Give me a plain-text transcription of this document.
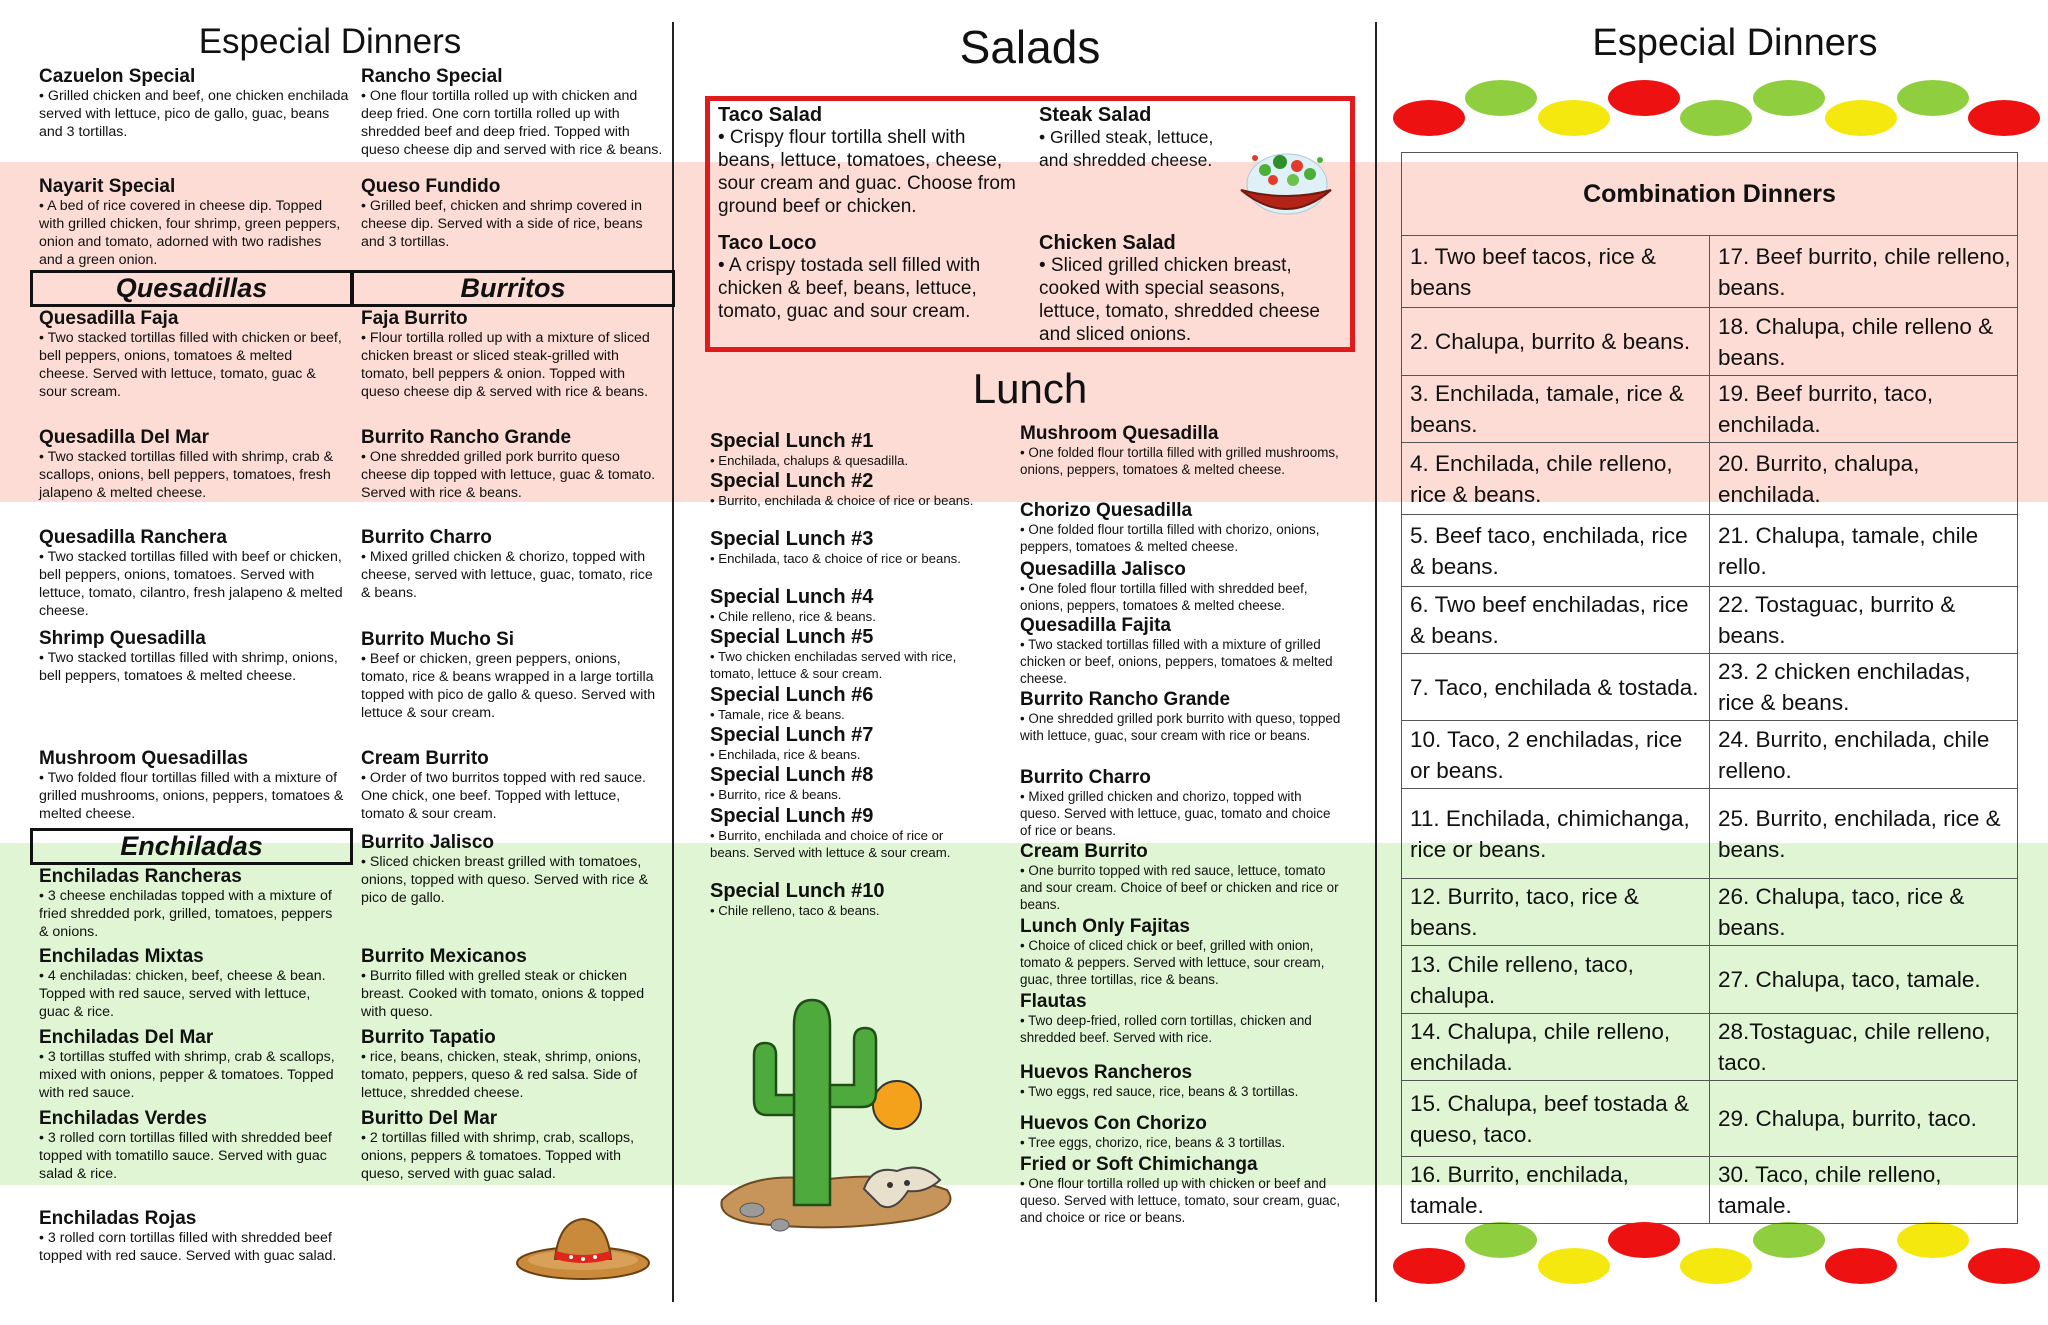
Especial Dinners
Cazuelon Special
• Grilled chicken and beef, one chicken enchilada served with lettuce, pico de gallo, guac, beans and 3 tortillas.
Rancho Special
• One flour tortilla rolled up with chicken and deep fried. One corn tortilla rolled up with shredded beef and deep fried. Topped with queso cheese dip and served with rice & beans.
Nayarit Special
• A bed of rice covered in cheese dip. Topped with grilled chicken, four shrimp, green peppers, onion and tomato, adorned with two radishes and a green onion.
Queso Fundido
• Grilled beef, chicken and shrimp covered in cheese dip. Served with a side of rice, beans and 3 tortillas.
Quesadillas	Burritos
Quesadilla Faja
• Two stacked tortillas filled with chicken or beef, bell peppers, onions, tomatoes & melted cheese. Served with lettuce, tomato, guac & sour scream.
Quesadilla Del Mar
• Two stacked tortillas filled with shrimp, crab & scallops, onions, bell peppers, tomatoes, fresh jalapeno & melted cheese.
Quesadilla Ranchera
• Two stacked tortillas filled with beef or chicken, bell peppers, onions, tomatoes. Served with lettuce, tomato, cilantro, fresh jalapeno & melted cheese.
Shrimp Quesadilla
• Two stacked tortillas filled with shrimp, onions, bell peppers, tomatoes & melted cheese.
Mushroom Quesadillas
• Two folded flour tortillas filled with a mixture of grilled mushrooms, onions, peppers, tomatoes & melted cheese.
Enchiladas
Enchiladas Rancheras
• 3 cheese enchiladas topped with a mixture of fried shredded pork, grilled, tomatoes, peppers & onions.
Enchiladas Mixtas
• 4 enchiladas: chicken, beef, cheese & bean. Topped with red sauce, served with lettuce, guac & rice.
Enchiladas Del Mar
• 3 tortillas stuffed with shrimp, crab & scallops, mixed with onions, pepper & tomatoes. Topped with red sauce.
Enchiladas Verdes
• 3 rolled corn tortillas filled with shredded beef topped with tomatillo sauce. Served with guac salad & rice.
Enchiladas Rojas
• 3 rolled corn tortillas filled with shredded beef topped with red sauce. Served with guac salad.
Faja Burrito
• Flour tortilla rolled up with a mixture of sliced chicken breast or sliced steak-grilled with tomato, bell peppers & onion. Topped with queso cheese dip & served with rice & beans.
Burrito Rancho Grande
• One shredded grilled pork burrito queso cheese dip topped with lettuce, guac & tomato. Served with rice & beans.
Burrito Charro
• Mixed grilled chicken & chorizo, topped with cheese, served with lettuce, guac, tomato, rice & beans.
Burrito Mucho Si
• Beef or chicken, green peppers, onions, tomato, rice & beans wrapped in a large tortilla topped with pico de gallo & queso. Served with lettuce & sour cream.
Cream Burrito
• Order of two burritos topped with red sauce. One chick, one beef. Topped with lettuce, tomato & sour cream.
Burrito Jalisco
• Sliced chicken breast grilled with tomatoes, onions, topped with queso. Served with rice & pico de gallo.
Burrito Mexicanos
• Burrito filled with grelled steak or chicken breast. Cooked with tomato, onions & topped with queso.
Burrito Tapatio
• rice, beans, chicken, steak, shrimp, onions, tomato, peppers, queso & red salsa. Side of lettuce, shredded cheese.
Buritto Del Mar
• 2 tortillas filled with shrimp, crab, scallops, onions, peppers & tomatoes. Topped with queso, served with guac salad.
Salads
Taco Salad
• Crispy flour tortilla shell with beans, lettuce, tomatoes, cheese, sour cream and guac. Choose from ground beef or chicken.
Steak Salad
• Grilled steak, lettuce, and shredded cheese.
Taco Loco
• A crispy tostada sell filled with chicken & beef, beans, lettuce, tomato, guac and sour cream.
Chicken Salad
• Sliced grilled chicken breast, cooked with special seasons, lettuce, tomato, shredded cheese and sliced onions.
Lunch
Special Lunch #1
• Enchilada, chalups & quesadilla.
Special Lunch #2
• Burrito, enchilada & choice of rice or beans.
Special Lunch #3
• Enchilada, taco & choice of rice or beans.
Special Lunch #4
• Chile relleno, rice & beans.
Special Lunch #5
• Two chicken enchiladas served with rice, tomato, lettuce & sour cream.
Special Lunch #6
• Tamale, rice & beans.
Special Lunch #7
• Enchilada, rice & beans.
Special Lunch #8
• Burrito, rice & beans.
Special Lunch #9
• Burrito, enchilada and choice of rice or beans. Served with lettuce & sour cream.
Special Lunch #10
• Chile relleno, taco & beans.
Mushroom Quesadilla
• One folded flour tortilla filled with grilled mushrooms, onions, peppers, tomatoes & melted cheese.
Chorizo Quesadilla
• One folded flour tortilla filled with chorizo, onions, peppers, tomatoes & melted cheese.
Quesadilla Jalisco
• One foled flour tortilla filled with shredded beef, onions, peppers, tomatoes & melted cheese.
Quesadilla Fajita
• Two stacked tortillas filled with a mixture of grilled chicken or beef, onions, peppers, tomatoes & melted cheese.
Burrito Rancho Grande
• One shredded grilled pork burrito with queso, topped with lettuce, guac, sour cream with rice or beans.
Burrito Charro
• Mixed grilled chicken and chorizo, topped with queso. Served with lettuce, guac, tomato and choice of rice or beans.
Cream Burrito
• One burrito topped with red sauce, lettuce, tomato and sour cream. Choice of beef or chicken and rice or beans.
Lunch Only Fajitas
• Choice of cliced chick or beef, grilled with onion, tomato & peppers. Served with lettuce, sour cream, guac, three tortillas, rice & beans.
Flautas
• Two deep-fried, rolled corn tortillas, chicken and shredded beef. Served with rice.
Huevos Rancheros
• Two eggs, red sauce, rice, beans & 3 tortillas.
Huevos Con Chorizo
• Tree eggs, chorizo, rice, beans & 3 tortillas.
Fried or Soft Chimichanga
• One flour tortilla rolled up with chicken or beef and queso. Served with lettuce, tomato, sour cream, guac, and choice or rice or beans.
Especial Dinners
Combination Dinners	
1. Two beef tacos, rice & beans	17. Beef burrito, chile relleno, beans.
2. Chalupa, burrito & beans.	18. Chalupa, chile relleno & beans.
3. Enchilada, tamale, rice & beans.	19. Beef burrito, taco, enchilada.
4. Enchilada, chile relleno, rice & beans.	20. Burrito, chalupa, enchilada.
5. Beef taco, enchilada, rice & beans.	21. Chalupa, tamale, chile rello.
6. Two beef enchiladas, rice & beans.	22. Tostaguac, burrito & beans.
7. Taco, enchilada & tostada.	23. 2 chicken enchiladas, rice & beans.
10. Taco, 2 enchiladas, rice or beans.	24. Burrito, enchilada, chile relleno.
11. Enchilada, chimichanga, rice or beans.	25. Burrito, enchilada, rice & beans.
12. Burrito, taco, rice & beans.	26. Chalupa, taco, rice & beans.
13. Chile relleno, taco, chalupa.	27. Chalupa, taco, tamale.
14. Chalupa, chile relleno, enchilada.	28.Tostaguac, chile relleno, taco.
15. Chalupa, beef tostada & queso, taco.	29. Chalupa, burrito, taco.
16. Burrito, enchilada, tamale.	30. Taco, chile relleno, tamale.
